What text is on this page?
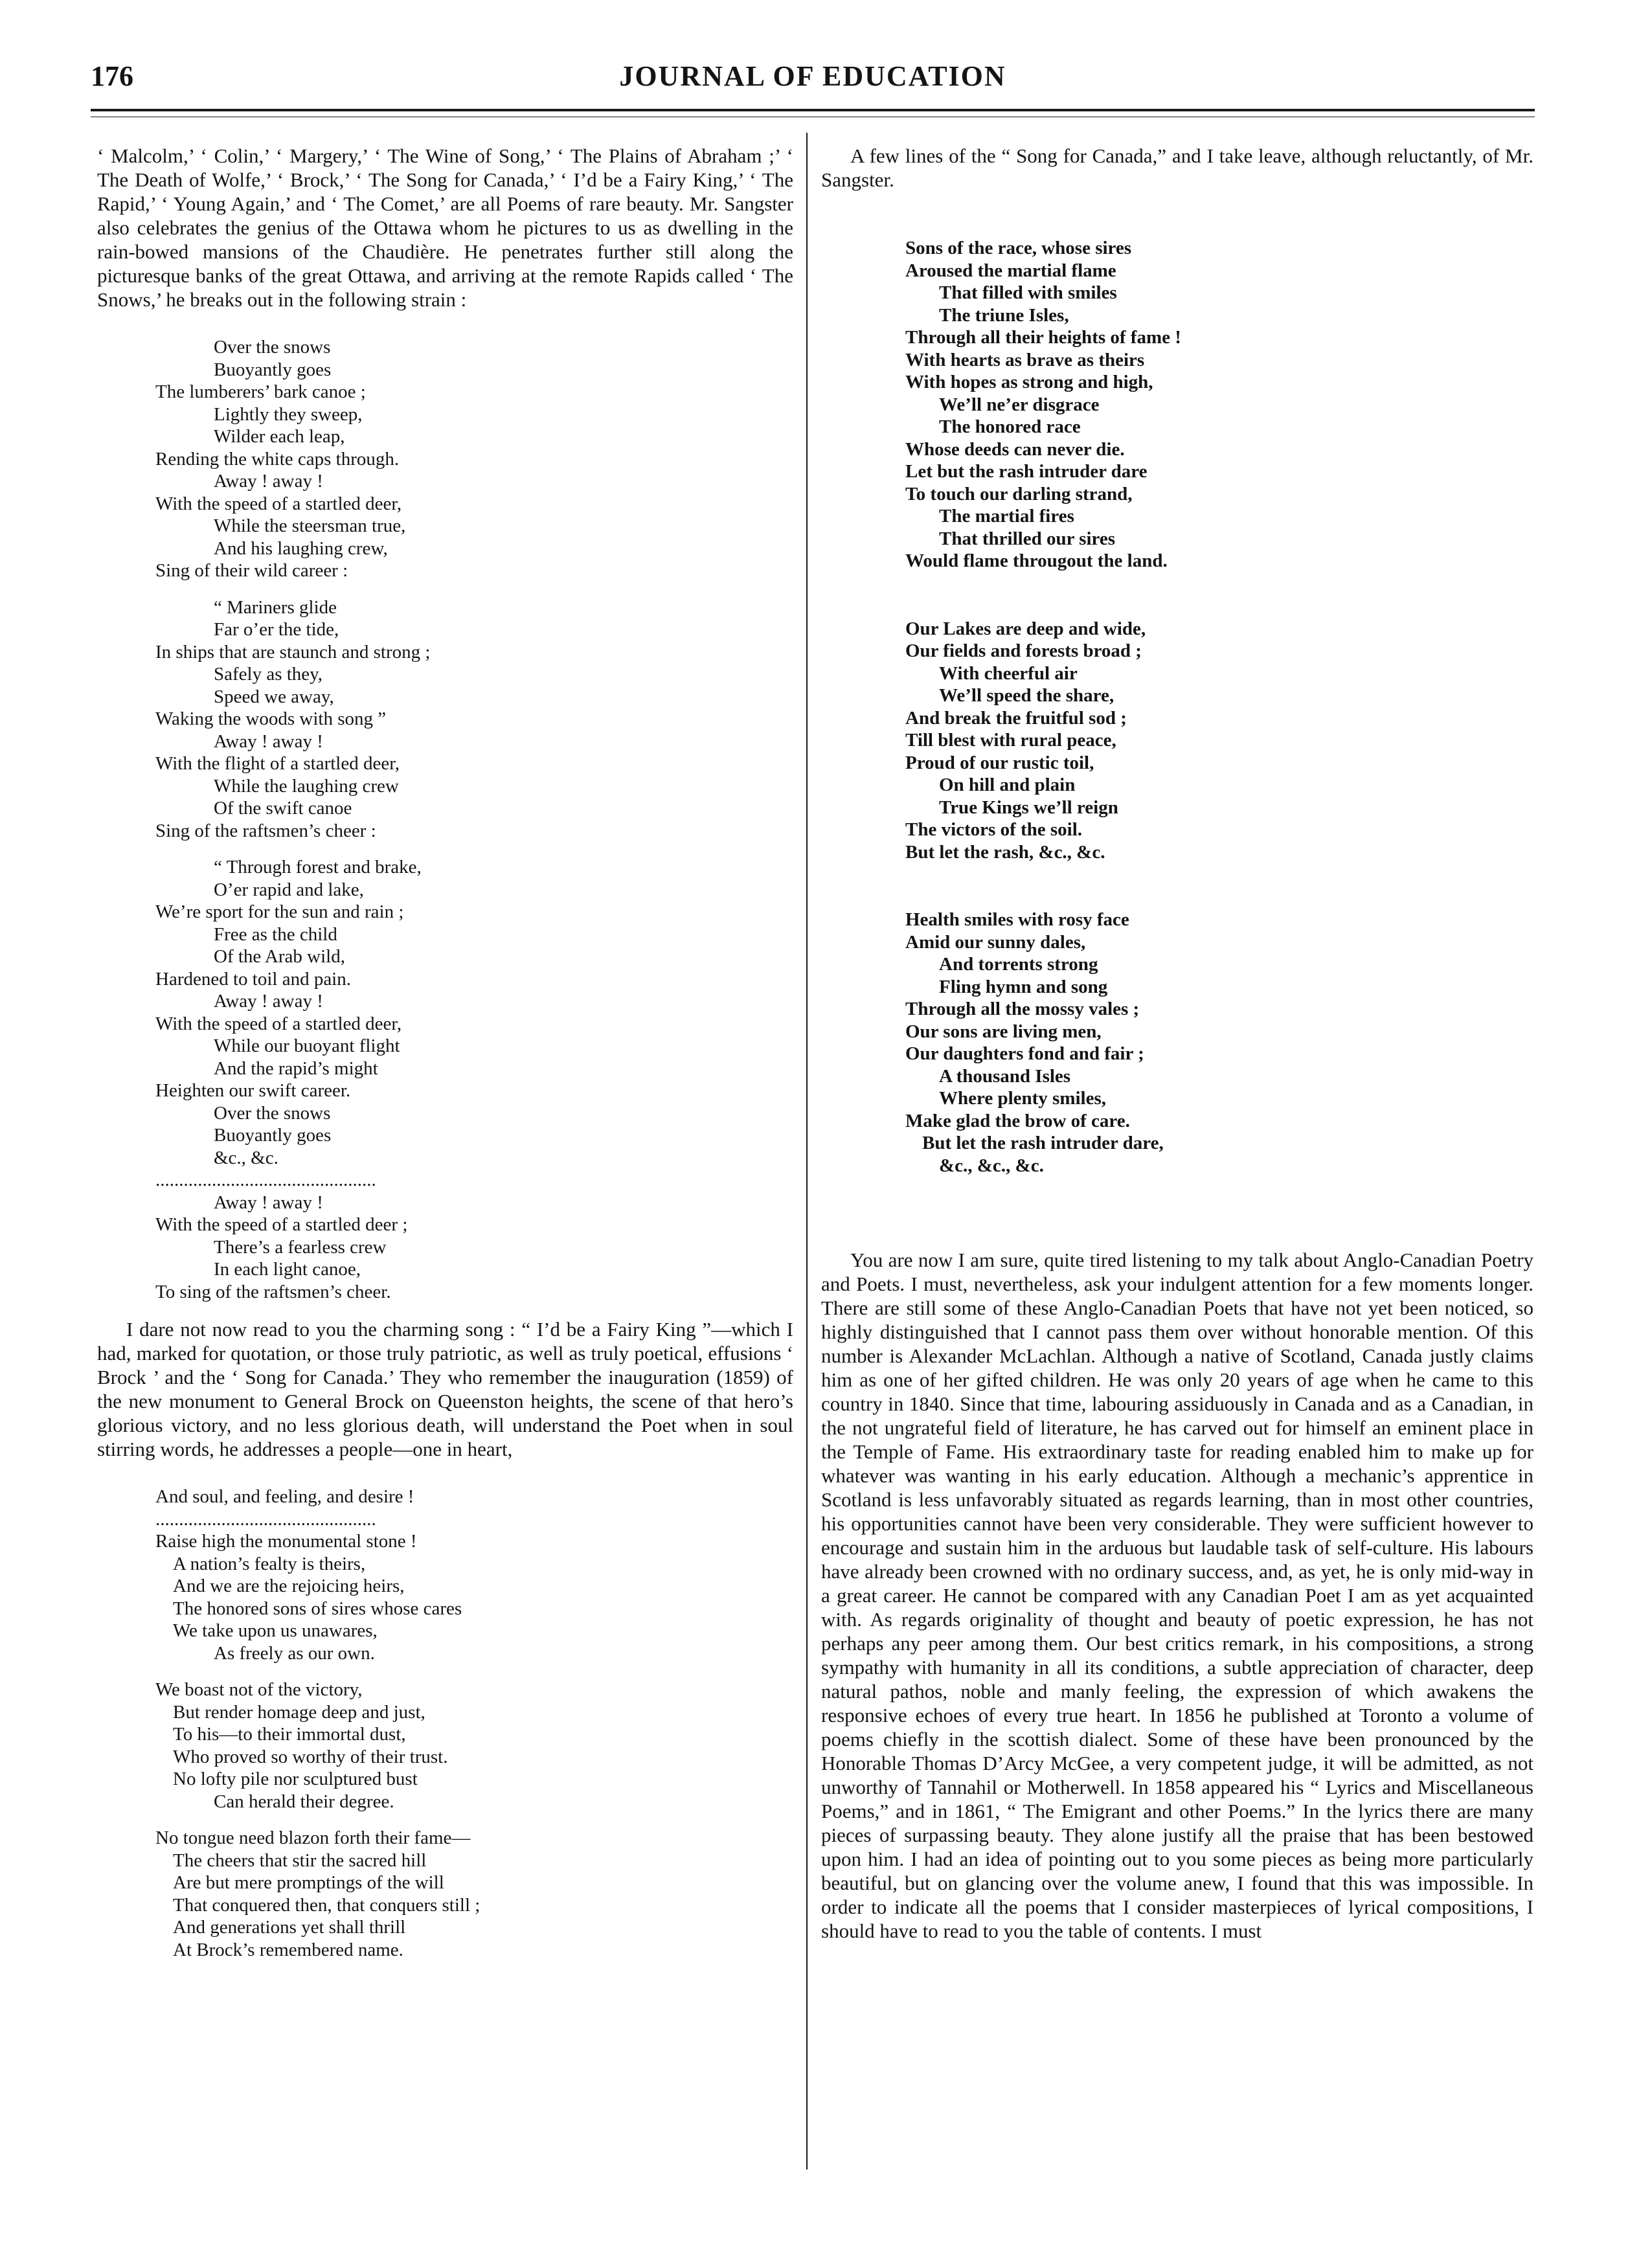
176	JOURNAL OF EDUCATION
‘ Malcolm,’ ‘ Colin,’ ‘ Margery,’ ‘ The Wine of Song,’ ‘ The Plains of Abraham ;’ ‘ The Death of Wolfe,’ ‘ Brock,’ ‘ The Song for Canada,’ ‘ I’d be a Fairy King,’ ‘ The Rapid,’ ‘ Young Again,’ and ‘ The Comet,’ are all Poems of rare beauty. Mr. Sangster also celebrates the genius of the Ottawa whom he pictures to us as dwelling in the rain-bowed mansions of the Chaudière. He penetrates further still along the picturesque banks of the great Ottawa, and arriving at the remote Rapids called ‘ The Snows,’ he breaks out in the following strain :
Over the snows
Buoyantly goes
The lumberers’ bark canoe ;
Lightly they sweep,
Wilder each leap,
Rending the white caps through.
Away ! away !
With the speed of a startled deer,
While the steersman true,
And his laughing crew,
Sing of their wild career :
“ Mariners glide
Far o’er the tide,
In ships that are staunch and strong ;
Safely as they,
Speed we away,
Waking the woods with song ”
Away ! away !
With the flight of a startled deer,
While the laughing crew
Of the swift canoe
Sing of the raftsmen’s cheer :
“ Through forest and brake,
O’er rapid and lake,
We’re sport for the sun and rain ;
Free as the child
Of the Arab wild,
Hardened to toil and pain.
Away ! away !
With the speed of a startled deer,
While our buoyant flight
And the rapid’s might
Heighten our swift career.
Over the snows
Buoyantly goes
&c., &c.
...............................................
Away ! away !
With the speed of a startled deer ;
There’s a fearless crew
In each light canoe,
To sing of the raftsmen’s cheer.
I dare not now read to you the charming song : “ I’d be a Fairy King ”—which I had, marked for quotation, or those truly patriotic, as well as truly poetical, effusions ‘ Brock ’ and the ‘ Song for Canada.’ They who remember the inauguration (1859) of the new monument to General Brock on Queenston heights, the scene of that hero’s glorious victory, and no less glorious death, will understand the Poet when in soul stirring words, he addresses a people—one in heart,
And soul, and feeling, and desire !
...............................................
Raise high the monumental stone !
A nation’s fealty is theirs,
And we are the rejoicing heirs,
The honored sons of sires whose cares
We take upon us unawares,
As freely as our own.
We boast not of the victory,
But render homage deep and just,
To his—to their immortal dust,
Who proved so worthy of their trust.
No lofty pile nor sculptured bust
Can herald their degree.
No tongue need blazon forth their fame—
The cheers that stir the sacred hill
Are but mere promptings of the will
That conquered then, that conquers still ;
And generations yet shall thrill
At Brock’s remembered name.
A few lines of the “ Song for Canada,” and I take leave, although reluctantly, of Mr. Sangster.
Sons of the race, whose sires
Aroused the martial flame
That filled with smiles
The triune Isles,
Through all their heights of fame !
With hearts as brave as theirs
With hopes as strong and high,
We’ll ne’er disgrace
The honored race
Whose deeds can never die.
Let but the rash intruder dare
To touch our darling strand,
The martial fires
That thrilled our sires
Would flame througout the land.
Our Lakes are deep and wide,
Our fields and forests broad ;
With cheerful air
We’ll speed the share,
And break the fruitful sod ;
Till blest with rural peace,
Proud of our rustic toil,
On hill and plain
True Kings we’ll reign
The victors of the soil.
But let the rash, &c., &c.
Health smiles with rosy face
Amid our sunny dales,
And torrents strong
Fling hymn and song
Through all the mossy vales ;
Our sons are living men,
Our daughters fond and fair ;
A thousand Isles
Where plenty smiles,
Make glad the brow of care.
But let the rash intruder dare,
&c., &c., &c.
You are now I am sure, quite tired listening to my talk about Anglo-Canadian Poetry and Poets. I must, nevertheless, ask your indulgent attention for a few moments longer. There are still some of these Anglo-Canadian Poets that have not yet been noticed, so highly distinguished that I cannot pass them over without honorable mention. Of this number is Alexander McLachlan. Although a native of Scotland, Canada justly claims him as one of her gifted children. He was only 20 years of age when he came to this country in 1840. Since that time, labouring assiduously in Canada and as a Canadian, in the not ungrateful field of literature, he has carved out for himself an eminent place in the Temple of Fame. His extraordinary taste for reading enabled him to make up for whatever was wanting in his early education. Although a mechanic’s apprentice in Scotland is less unfavorably situated as regards learning, than in most other countries, his opportunities cannot have been very considerable. They were sufficient however to encourage and sustain him in the arduous but laudable task of self-culture. His labours have already been crowned with no ordinary success, and, as yet, he is only mid-way in a great career. He cannot be compared with any Canadian Poet I am as yet acquainted with. As regards originality of thought and beauty of poetic expression, he has not perhaps any peer among them. Our best critics remark, in his compositions, a strong sympathy with humanity in all its conditions, a subtle appreciation of character, deep natural pathos, noble and manly feeling, the expression of which awakens the responsive echoes of every true heart. In 1856 he published at Toronto a volume of poems chiefly in the scottish dialect. Some of these have been pronounced by the Honorable Thomas D’Arcy McGee, a very competent judge, it will be admitted, as not unworthy of Tannahil or Motherwell. In 1858 appeared his “ Lyrics and Miscellaneous Poems,” and in 1861, “ The Emigrant and other Poems.” In the lyrics there are many pieces of surpassing beauty. They alone justify all the praise that has been bestowed upon him. I had an idea of pointing out to you some pieces as being more particularly beautiful, but on glancing over the volume anew, I found that this was impossible. In order to indicate all the poems that I consider masterpieces of lyrical compositions, I should have to read to you the table of contents. I must
